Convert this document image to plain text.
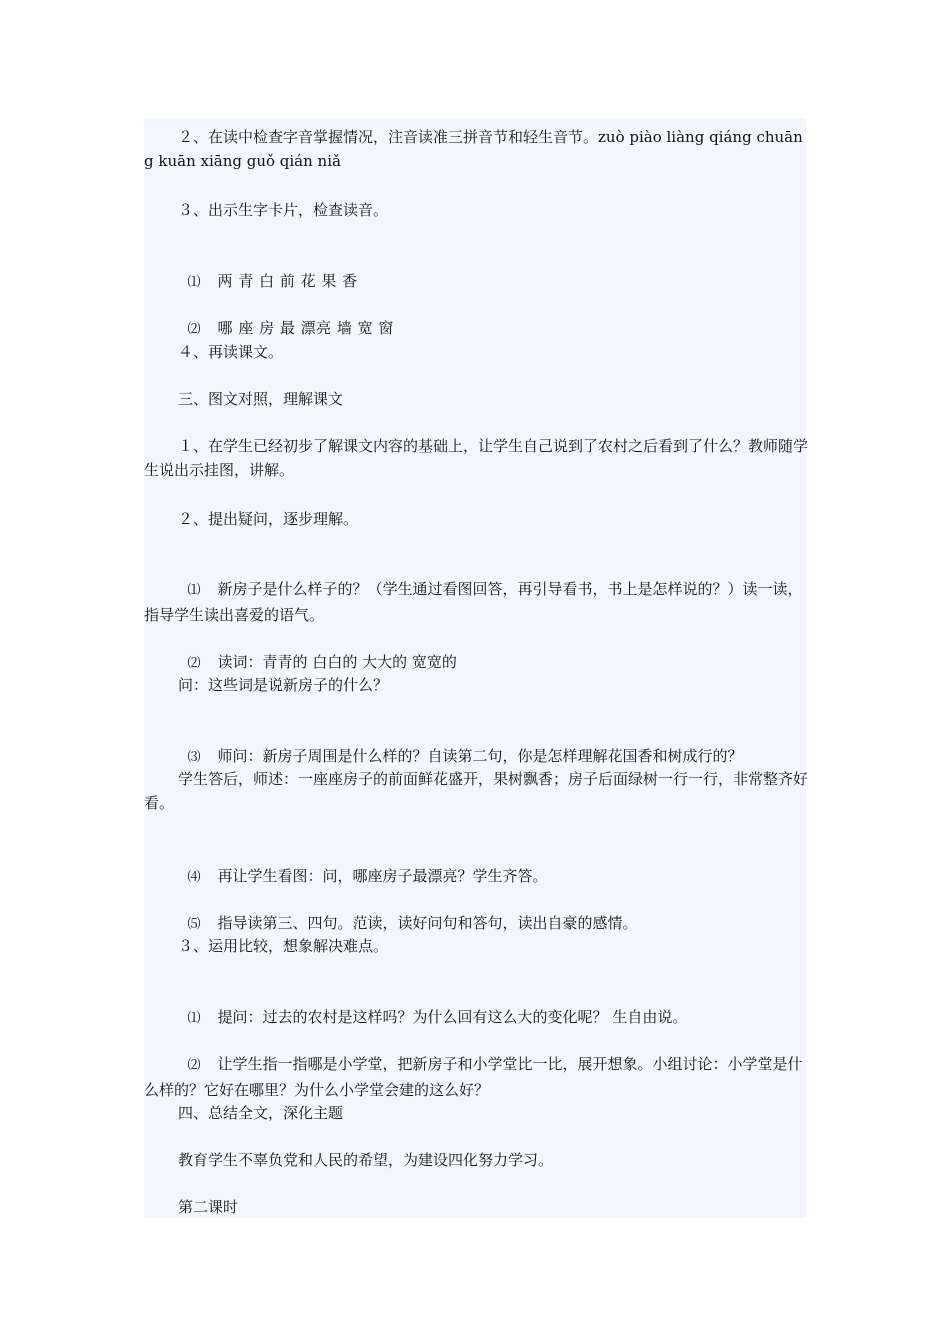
２、在读中检查字音掌握情况，注音读准三拼音节和轻生音节。zuò piào liàng qiáng chuāng kuān xiāng guǒ qián niǎ

３、出示生字卡片，检查读音。

⑴ 两 青 白 前 花 果 香

⑵ 哪 座 房 最 漂亮 墙 宽 窗

４、再读课文。

三、图文对照，理解课文

１、在学生已经初步了解课文内容的基础上，让学生自己说到了农村之后看到了什么？教师随学生说出示挂图，讲解。

２、提出疑问，逐步理解。

⑴ 新房子是什么样子的？（学生通过看图回答，再引导看书，书上是怎样说的？）读一读，指导学生读出喜爱的语气。

⑵ 读词：青青的 白白的 大大的 宽宽的

问：这些词是说新房子的什么？

⑶ 师问：新房子周围是什么样的？自读第二句，你是怎样理解花国香和树成行的？

学生答后，师述：一座座房子的前面鲜花盛开，果树飘香；房子后面绿树一行一行，非常整齐好看。

⑷ 再让学生看图：问，哪座房子最漂亮？学生齐答。

⑸ 指导读第三、四句。范读，读好问句和答句，读出自豪的感情。

３、运用比较，想象解决难点。

⑴ 提问：过去的农村是这样吗？为什么回有这么大的变化呢？ 生自由说。

⑵ 让学生指一指哪是小学堂，把新房子和小学堂比一比，展开想象。小组讨论：小学堂是什么样的？它好在哪里？为什么小学堂会建的这么好？

四、总结全文，深化主题

教育学生不辜负党和人民的希望，为建设四化努力学习。

第二课时
